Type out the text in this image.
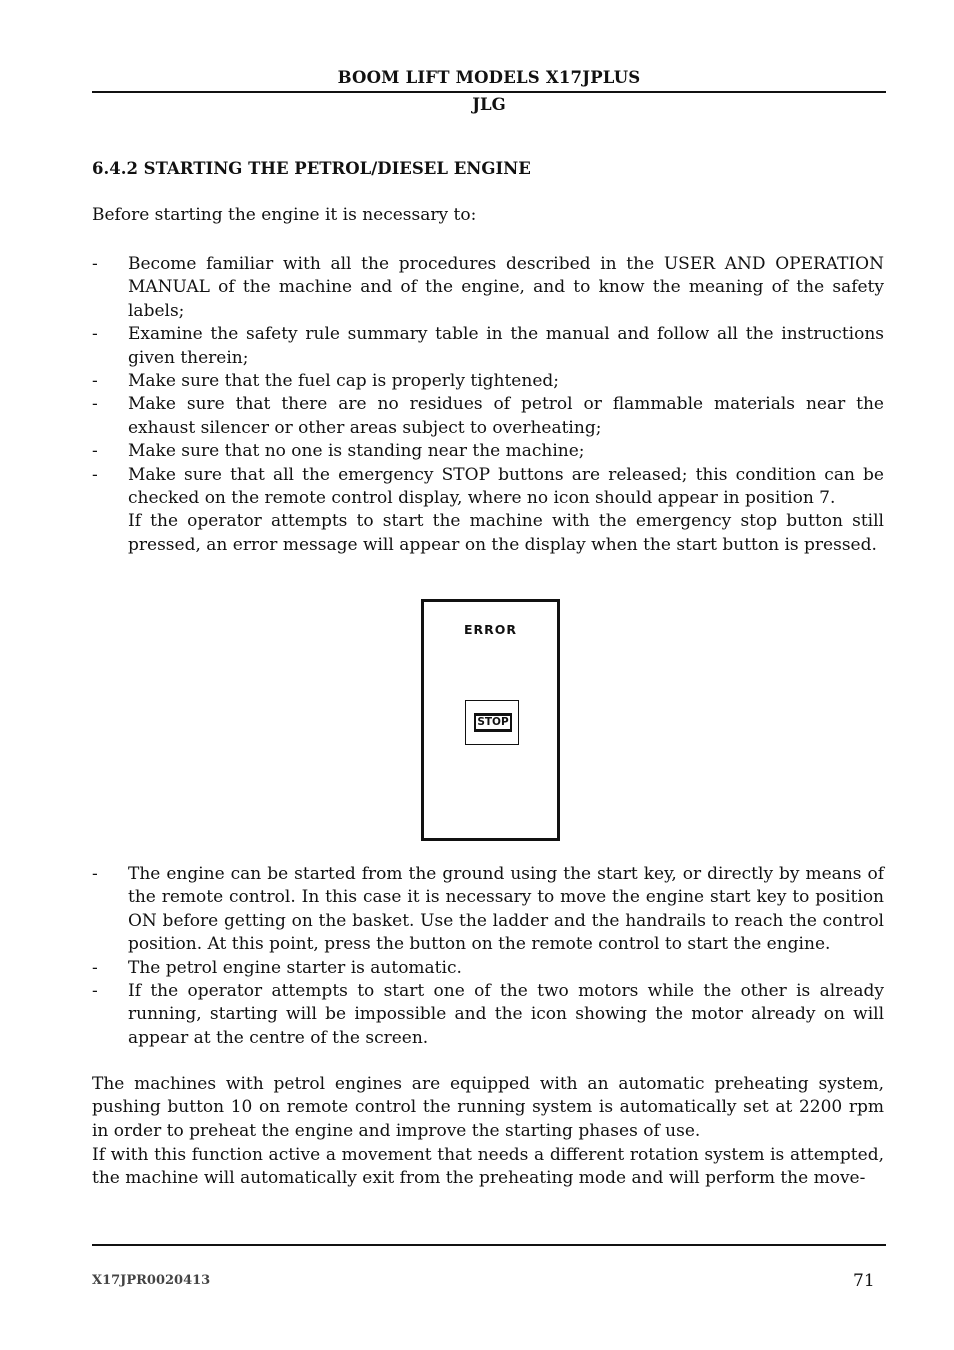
BOOM LIFT MODELS X17JPLUS
JLG
6.4.2 STARTING THE PETROL/DIESEL ENGINE
Before starting the engine it is necessary to:
- Become familiar with all the procedures described in the USER AND OPERATION MANUAL of the machine and of the engine, and to know the meaning of the safety labels;

- Examine the safety rule summary table in the manual and follow all the instructions given therein;

- Make sure that the fuel cap is properly tightened;

- Make sure that there are no residues of petrol or flammable materials near the exhaust silencer or other areas subject to overheating;

- Make sure that no one is standing near the machine;

- Make sure that all the emergency STOP buttons are released; this condition can be checked on the remote control display, where no icon should appear in position 7.

If the operator attempts to start the machine with the emergency stop button still pressed, an error message will appear on the display when the start button is pressed.

ERROR
STOP
- The engine can be started from the ground using the start key, or directly by means of the remote control. In this case it is necessary to move the engine start key to position ON before getting on the basket. Use the ladder and the handrails to reach the control position. At this point, press the button on the remote control to start the engine.

- The petrol engine starter is automatic.

- If the operator attempts to start one of the two motors while the other is already running, starting will be impossible and the icon showing the motor already on will appear at the centre of the screen.

The machines with petrol engines are equipped with an automatic preheating system, pushing button 10 on remote control the running system is automatically set at 2200 rpm in order to preheat the engine and improve the starting phases of use.

If with this function active a movement that needs a different rotation system is attempted, the machine will automatically exit from the preheating mode and will perform the move-

X17JPR0020413	71
